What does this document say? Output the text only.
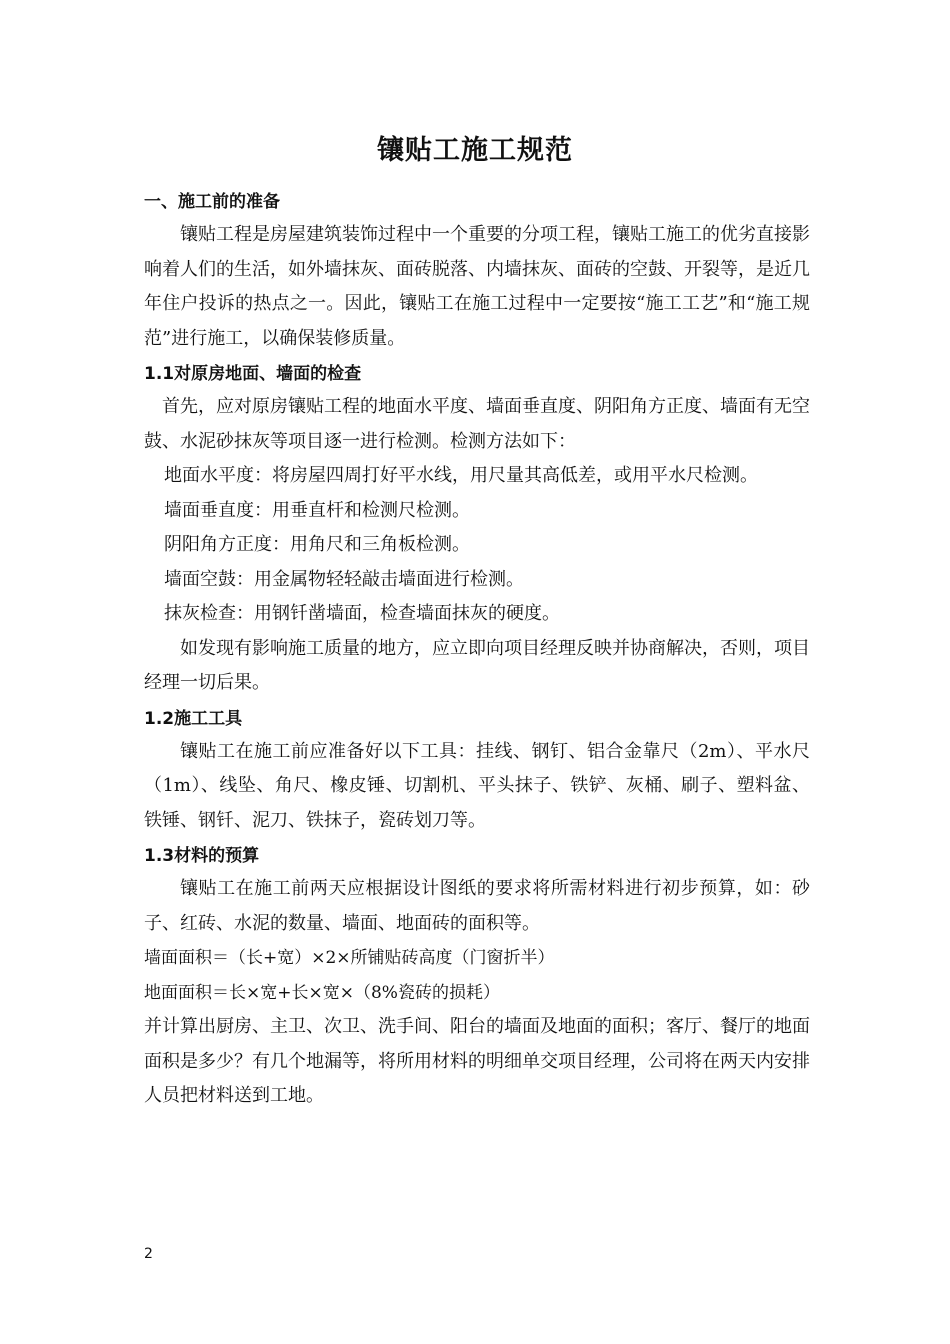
镶贴工施工规范
一、施工前的准备

镶贴工程是房屋建筑装饰过程中一个重要的分项工程，镶贴工施工的优劣直接影响着人们的生活，如外墙抹灰、面砖脱落、内墙抹灰、面砖的空鼓、开裂等，是近几年住户投诉的热点之一。因此，镶贴工在施工过程中一定要按“施工工艺”和“施工规范”进行施工，以确保装修质量。

1.1对原房地面、墙面的检查

首先，应对原房镶贴工程的地面水平度、墙面垂直度、阴阳角方正度、墙面有无空鼓、水泥砂抹灰等项目逐一进行检测。检测方法如下：

地面水平度：将房屋四周打好平水线，用尺量其高低差，或用平水尺检测。

墙面垂直度：用垂直杆和检测尺检测。

阴阳角方正度：用角尺和三角板检测。

墙面空鼓：用金属物轻轻敲击墙面进行检测。

抹灰检查：用钢钎凿墙面，检查墙面抹灰的硬度。

如发现有影响施工质量的地方，应立即向项目经理反映并协商解决，否则，项目经理一切后果。

1.2施工工具

镶贴工在施工前应准备好以下工具：挂线、钢钉、铝合金靠尺（2m）、平水尺（1m）、线坠、角尺、橡皮锤、切割机、平头抹子、铁铲、灰桶、刷子、塑料盆、铁锤、钢钎、泥刀、铁抹子，瓷砖划刀等。

1.3材料的预算

镶贴工在施工前两天应根据设计图纸的要求将所需材料进行初步预算，如：砂子、红砖、水泥的数量、墙面、地面砖的面积等。

墙面面积＝（长+宽）×2×所铺贴砖高度（门窗折半）

地面面积＝长×宽+长×宽×（8%瓷砖的损耗）

并计算出厨房、主卫、次卫、洗手间、阳台的墙面及地面的面积；客厅、餐厅的地面面积是多少？有几个地漏等，将所用材料的明细单交项目经理，公司将在两天内安排人员把材料送到工地。

2
